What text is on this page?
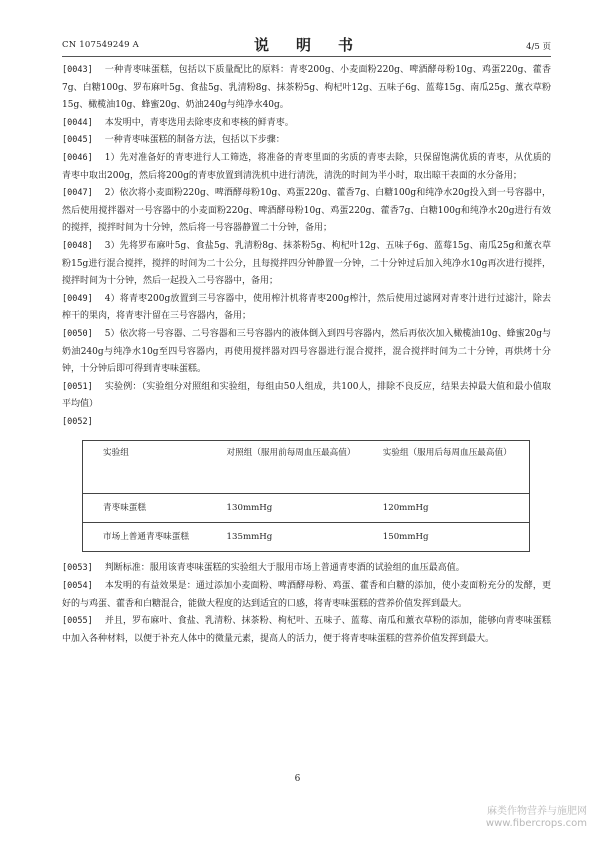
CN 107549249 A	说　明　书	4/5 页

[0043] 一种青枣味蛋糕，包括以下质量配比的原料：青枣200g、小麦面粉220g、啤酒酵母粉10g、鸡蛋220g、藿香7g、白糖100g、罗布麻叶5g、食盐5g、乳清粉8g、抹茶粉5g、枸杞叶12g、五味子6g、蓝莓15g、南瓜25g、薰衣草粉15g、橄榄油10g、蜂蜜20g、奶油240g与纯净水40g。

[0044] 本发明中，青枣选用去除枣皮和枣核的鲜青枣。

[0045] 一种青枣味蛋糕的制备方法，包括以下步骤：

[0046] 1）先对准备好的青枣进行人工筛选，将准备的青枣里面的劣质的青枣去除，只保留饱满优质的青枣，从优质的青枣中取出200g，然后将200g的青枣放置到清洗机中进行清洗，清洗的时间为半小时，取出晾干表面的水分备用；

[0047] 2）依次将小麦面粉220g、啤酒酵母粉10g、鸡蛋220g、藿香7g、白糖100g和纯净水20g投入到一号容器中，然后使用搅拌器对一号容器中的小麦面粉220g、啤酒酵母粉10g、鸡蛋220g、藿香7g、白糖100g和纯净水20g进行有效的搅拌，搅拌时间为十分钟，然后将一号容器静置二十分钟，备用；

[0048] 3）先将罗布麻叶5g、食盐5g、乳清粉8g、抹茶粉5g、枸杞叶12g、五味子6g、蓝莓15g、南瓜25g和薰衣草粉15g进行混合搅拌，搅拌的时间为二十公分，且每搅拌四分钟静置一分钟，二十分钟过后加入纯净水10g再次进行搅拌，搅拌时间为十分钟，然后一起投入二号容器中，备用；

[0049] 4）将青枣200g放置到三号容器中，使用榨汁机将青枣200g榨汁，然后使用过滤网对青枣汁进行过滤汁，除去榨干的果肉，将青枣汁留在三号容器内，备用；

[0050] 5）依次将一号容器、二号容器和三号容器内的液体倒入到四号容器内，然后再依次加入橄榄油10g、蜂蜜20g与奶油240g与纯净水10g至四号容器内，再使用搅拌器对四号容器进行混合搅拌，混合搅拌时间为二十分钟，再烘烤十分钟，十分钟后即可得到青枣味蛋糕。

[0051] 实验例：（实验组分对照组和实验组，每组由50人组成，共100人，排除不良反应，结果去掉最大值和最小值取平均值）

[0052]

实验组	对照组（服用前每周血压最高值）	实验组（服用后每周血压最高值）
青枣味蛋糕	130mmHg	120mmHg
市场上普通青枣味蛋糕	135mmHg	150mmHg

[0053] 判断标准：服用该青枣味蛋糕的实验组大于服用市场上普通青枣酒的试验组的血压最高值。

[0054] 本发明的有益效果是：通过添加小麦面粉、啤酒酵母粉、鸡蛋、藿香和白糖的添加，使小麦面粉充分的发酵，更好的与鸡蛋、藿香和白糖混合，能做大程度的达到适宜的口感，将青枣味蛋糕的营养价值发挥到最大。

[0055] 并且，罗布麻叶、食盐、乳清粉、抹茶粉、枸杞叶、五味子、蓝莓、南瓜和薰衣草粉的添加，能够向青枣味蛋糕中加入各种材料，以便于补充人体中的微量元素，提高人的活力，便于将青枣味蛋糕的营养价值发挥到最大。

6
麻类作物营养与施肥网
www.fibercrops.com
